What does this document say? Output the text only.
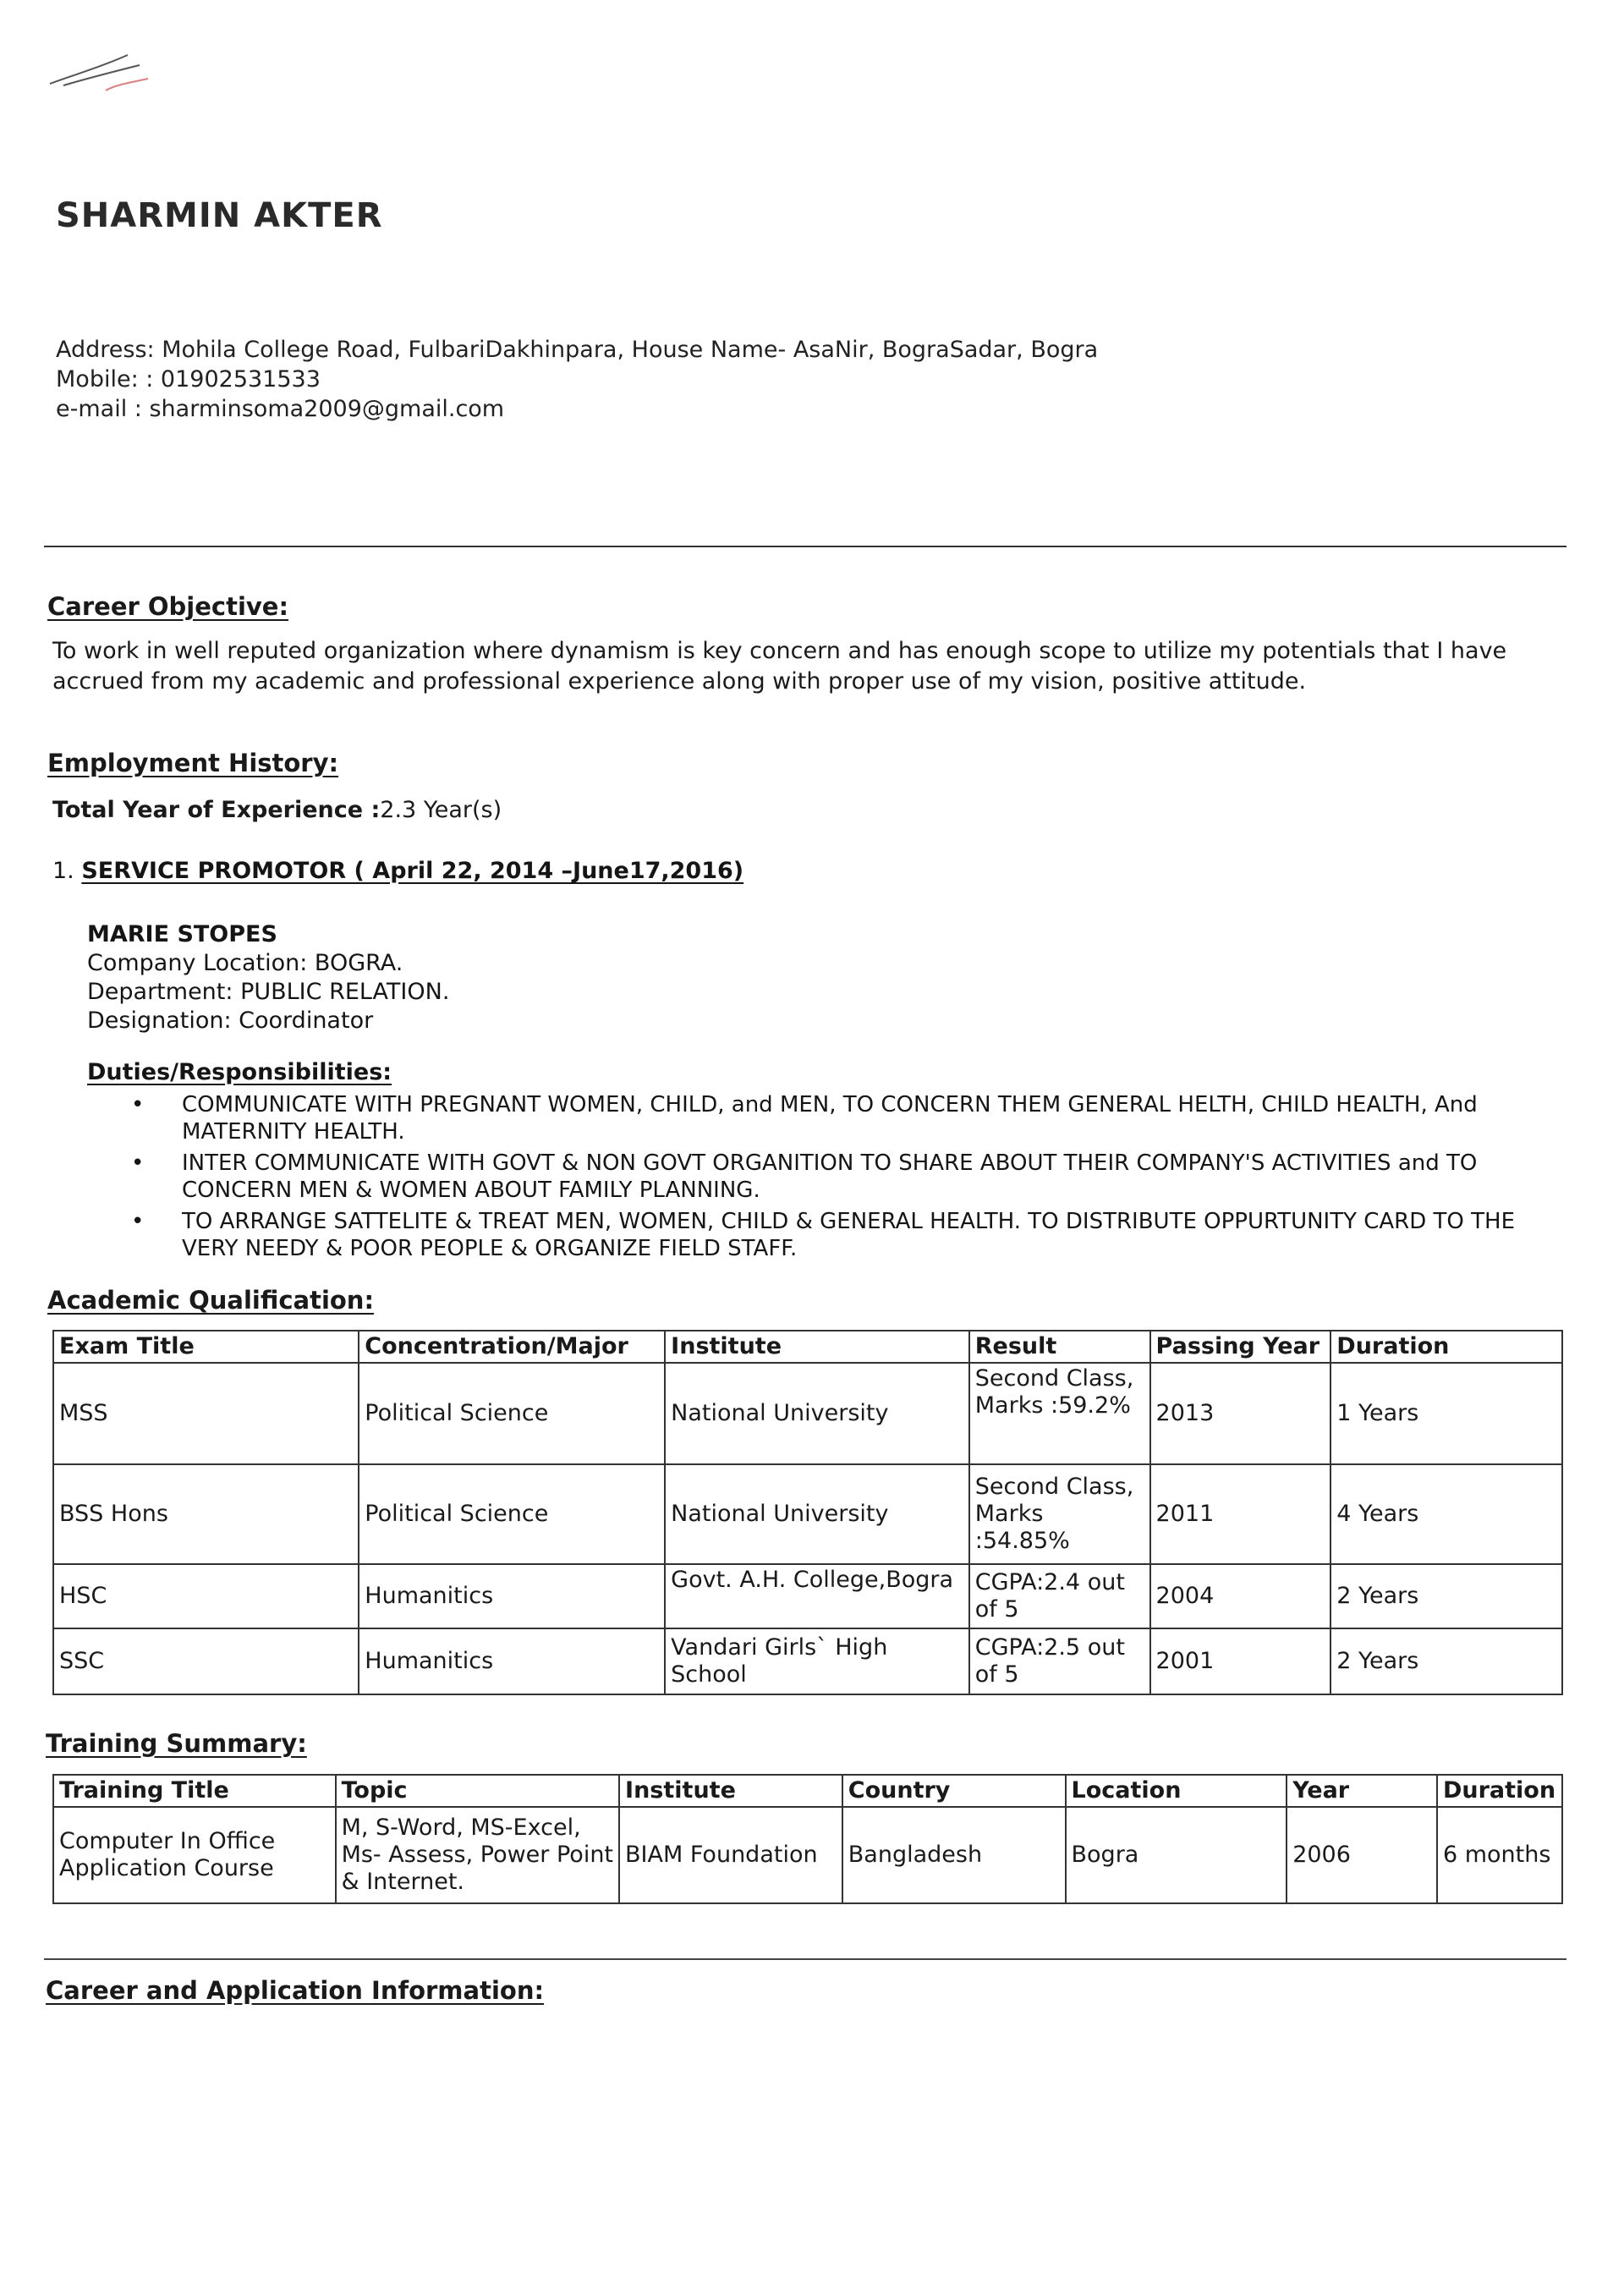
SHARMIN AKTER
Address: Mohila College Road, FulbariDakhinpara, House Name- AsaNir, BograSadar, Bogra
Mobile: : 01902531533
e-mail : sharminsoma2009@gmail.com
Career Objective:
To work in well reputed organization where dynamism is key concern and has enough scope to utilize my potentials that I have accrued from my academic and professional experience along with proper use of my vision, positive attitude.
Employment History:
Total Year of Experience :2.3 Year(s)
1. SERVICE PROMOTOR ( April 22, 2014 –June17,2016)
MARIE STOPES
Company Location: BOGRA.
Department: PUBLIC RELATION.
Designation: Coordinator
Duties/Responsibilities:
• COMMUNICATE WITH PREGNANT WOMEN, CHILD, and MEN, TO CONCERN THEM GENERAL HELTH, CHILD HEALTH, And MATERNITY HEALTH.
• INTER COMMUNICATE WITH GOVT & NON GOVT ORGANITION TO SHARE ABOUT THEIR COMPANY'S ACTIVITIES and TO CONCERN MEN & WOMEN ABOUT FAMILY PLANNING.
• TO ARRANGE SATTELITE & TREAT MEN, WOMEN, CHILD & GENERAL HEALTH. TO DISTRIBUTE OPPURTUNITY CARD TO THE VERY NEEDY & POOR PEOPLE & ORGANIZE FIELD STAFF.
Academic Qualification:
Exam Title	Concentration/Major	Institute	Result	Passing Year	Duration
MSS	Political Science	National University	Second Class, Marks :59.2%	2013	1 Years
BSS Hons	Political Science	National University	Second Class, Marks :54.85%	2011	4 Years
HSC	Humanitics	Govt. A.H. College,Bogra	CGPA:2.4 out of 5	2004	2 Years
SSC	Humanitics	Vandari Girls` High School	CGPA:2.5 out of 5	2001	2 Years
Training Summary:
Training Title	Topic	Institute	Country	Location	Year	Duration
Computer In Office Application Course	M, S-Word, MS-Excel, Ms- Assess, Power Point & Internet.	BIAM Foundation	Bangladesh	Bogra	2006	6 months
Career and Application Information:
